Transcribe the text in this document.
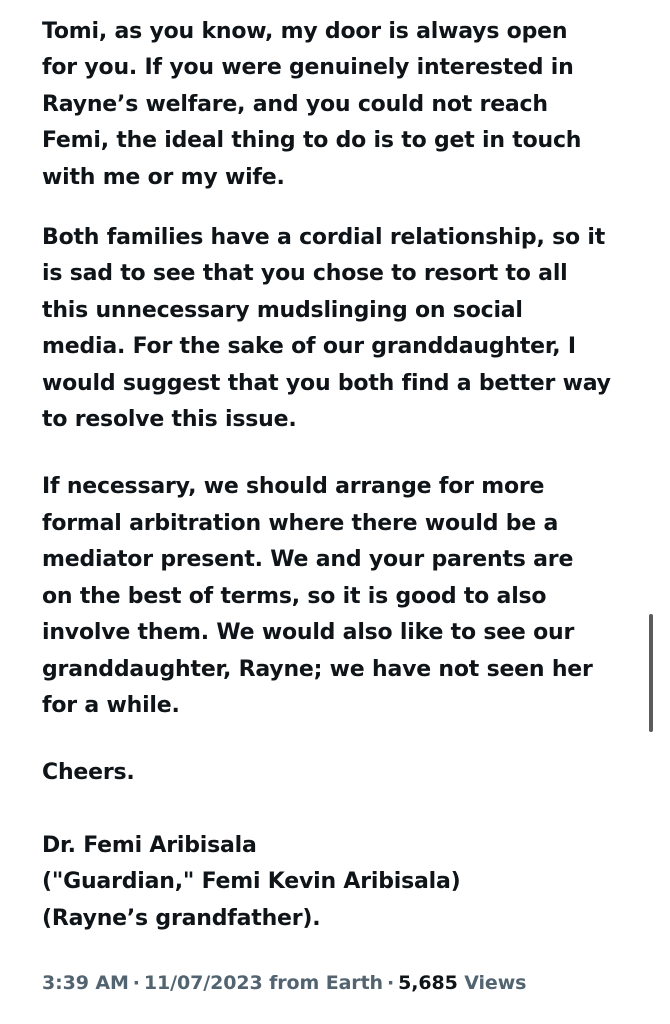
Tomi, as you know, my door is always open
for you. If you were genuinely interested in
Rayne’s welfare, and you could not reach
Femi, the ideal thing to do is to get in touch
with me or my wife.

Both families have a cordial relationship, so it
is sad to see that you chose to resort to all
this unnecessary mudslinging on social
media. For the sake of our granddaughter, I
would suggest that you both find a better way
to resolve this issue.

If necessary, we should arrange for more
formal arbitration where there would be a
mediator present. We and your parents are
on the best of terms, so it is good to also
involve them. We would also like to see our
granddaughter, Rayne; we have not seen her
for a while.

Cheers.

Dr. Femi Aribisala
("Guardian," Femi Kevin Aribisala)
(Rayne’s grandfather).

3:39 AM · 11/07/2023 from Earth · 5,685 Views
